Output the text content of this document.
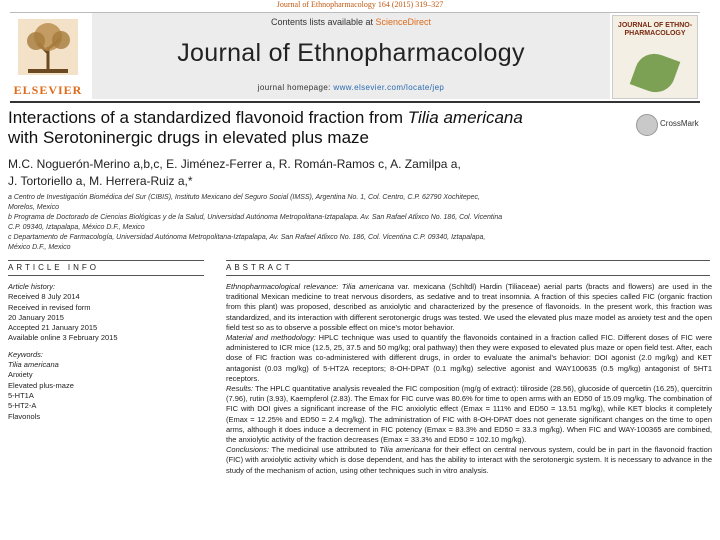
Journal of Ethnopharmacology 164 (2015) 319–327
ELSEVIER
Contents lists available at ScienceDirect
Journal of Ethnopharmacology
journal homepage: www.elsevier.com/locate/jep
JOURNAL OF ETHNO-PHARMACOLOGY
Interactions of a standardized flavonoid fraction from Tilia americana
with Serotoninergic drugs in elevated plus maze
CrossMark
M.C. Noguerón-Merino a,b,c, E. Jiménez-Ferrer a, R. Román-Ramos c, A. Zamilpa a,
J. Tortoriello a, M. Herrera-Ruiz a,*
a Centro de Investigación Biomédica del Sur (CIBIS), Instituto Mexicano del Seguro Social (IMSS), Argentina No. 1, Col. Centro, C.P. 62790 Xochitepec,
Morelos, Mexico
b Programa de Doctorado de Ciencias Biológicas y de la Salud, Universidad Autónoma Metropolitana-Iztapalapa. Av. San Rafael Atlixco No. 186, Col. Vicentina
C.P. 09340, Iztapalapa, México D.F., Mexico
c Departamento de Farmacología, Universidad Autónoma Metropolitana-Iztapalapa, Av. San Rafael Atlixco No. 186, Col. Vicentina C.P. 09340, Iztapalapa,
México D.F., Mexico
ARTICLE INFO	ABSTRACT
Article history:
Received 8 July 2014
Received in revised form
20 January 2015
Accepted 21 January 2015
Available online 3 February 2015
Keywords:
Tilia americana
Anxiety
Elevated plus-maze
5-HT1A
5-HT2-A
Flavonols

Ethnopharmacological relevance: Tilia americana var. mexicana (Schltdl) Hardin (Tiliaceae) aerial parts (bracts and flowers) are used in the traditional Mexican medicine to treat nervous disorders, as sedative and to treat insomnia. A fraction of this species called FIC (organic fraction from this plant) was proposed, described as anxiolytic and characterized by the presence of flavonoids. In the present work, this fraction was standardized, and its interaction with different serotonergic drugs was tested. We used the elevated plus maze model as anxiety test and the open field test so as to observe a possible effect on mice's motor behavior.

Material and methodology: HPLC technique was used to quantify the flavonoids contained in a fraction called FIC. Different doses of FIC were administered to ICR mice (12.5, 25, 37.5 and 50 mg/kg; oral pathway) then they were exposed to elevated plus maze or open field test. After, each dose of FIC fraction was co-administered with different drugs, in order to evaluate the animal's behavior: DOI agonist (2.0 mg/kg) and KET antagonist (0.03 mg/kg) of 5-HT2A receptors; 8-OH-DPAT (0.1 mg/kg) selective agonist and WAY100635 (0.5 mg/kg) antagonist of 5HT1 receptors.

Results: The HPLC quantitative analysis revealed the FIC composition (mg/g of extract): tiliroside (28.56), glucoside of quercetin (16.25), quercitrin (7.96), rutin (3.93), Kaempferol (2.83). The Emax for FIC curve was 80.6% for time to open arms with an ED50 of 15.09 mg/kg. The combination of FIC with DOI gives a significant increase of the FIC anxiolytic effect (Emax = 111% and ED50 = 13.51 mg/kg), while KET blocks it completely (Emax = 12.25% and ED50 = 2.4 mg/kg). The administration of FIC with 8-OH-DPAT does not generate significant changes on the time to open arms, although it does induce a decrement in FIC potency (Emax = 83.3% and ED50 = 33.3 mg/kg). When FIC and WAY-100365 are combined, the anxiolytic activity of the fraction decreases (Emax = 33.3% and ED50 = 102.10 mg/kg).

Conclusions: The medicinal use attributed to Tilia americana for their effect on central nervous system, could be in part in the flavonoid fraction (FIC) with anxiolytic activity which is dose dependent, and has the ability to interact with the serotonergic system. It is necessary to advance in the study of the mechanism of action, using other techniques such in vitro analysis.
